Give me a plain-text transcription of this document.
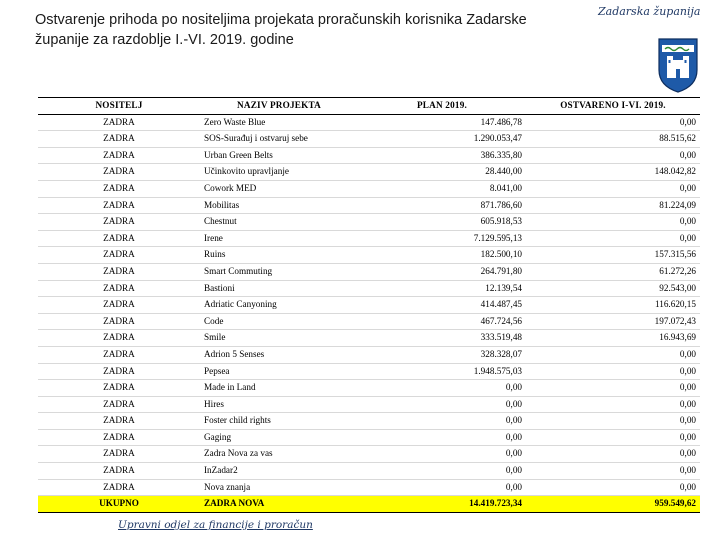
Ostvarenje prihoda po nositeljima projekata proračunskih korisnika Zadarske županije za razdoblje I.-VI. 2019. godine
Zadarska županija
NOSITELJ	NAZIV PROJEKTA	PLAN 2019.	OSTVARENO I-VI. 2019.
ZADRA	Zero Waste Blue	147.486,78	0,00
ZADRA	SOS-Surađuj i ostvaruj sebe	1.290.053,47	88.515,62
ZADRA	Urban Green Belts	386.335,80	0,00
ZADRA	Učinkovito upravljanje	28.440,00	148.042,82
ZADRA	Cowork MED	8.041,00	0,00
ZADRA	Mobilitas	871.786,60	81.224,09
ZADRA	Chestnut	605.918,53	0,00
ZADRA	Irene	7.129.595,13	0,00
ZADRA	Ruins	182.500,10	157.315,56
ZADRA	Smart Commuting	264.791,80	61.272,26
ZADRA	Bastioni	12.139,54	92.543,00
ZADRA	Adriatic Canyoning	414.487,45	116.620,15
ZADRA	Code	467.724,56	197.072,43
ZADRA	Smile	333.519,48	16.943,69
ZADRA	Adrion 5 Senses	328.328,07	0,00
ZADRA	Pepsea	1.948.575,03	0,00
ZADRA	Made in Land	0,00	0,00
ZADRA	Hires	0,00	0,00
ZADRA	Foster child rights	0,00	0,00
ZADRA	Gaging	0,00	0,00
ZADRA	Zadra Nova za vas	0,00	0,00
ZADRA	InZadar2	0,00	0,00
ZADRA	Nova znanja	0,00	0,00
UKUPNO	ZADRA NOVA	14.419.723,34	959.549,62
Upravni odjel za financije i proračun
